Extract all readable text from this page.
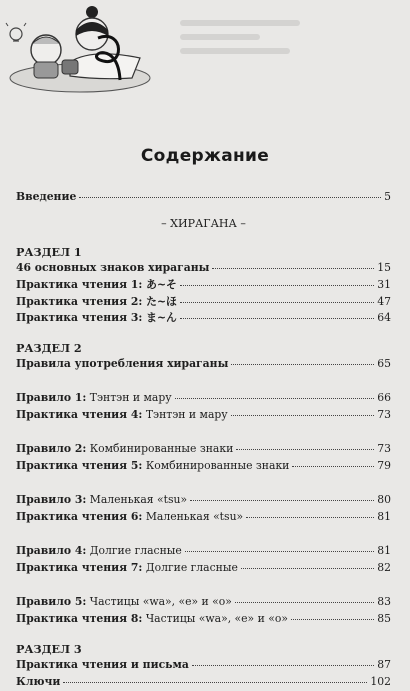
Содержание
Введение	5
– ХИРАГАНА –
РАЗДЕЛ 1
46 основных знаков хираганы	15
Практика чтения 1: あ~そ	31
Практика чтения 2: た~ほ	47
Практика чтения 3: ま~ん	64
РАЗДЕЛ 2
Правила употребления хираганы	65
Правило 1: Тэнтэн и мару	66
Практика чтения 4: Тэнтэн и мару	73
Правило 2: Комбинированные знаки	73
Практика чтения 5: Комбинированные знаки	79
Правило 3: Маленькая «tsu»	80
Практика чтения 6: Маленькая «tsu»	81
Правило 4: Долгие гласные	81
Практика чтения 7: Долгие гласные	82
Правило 5: Частицы «wa», «e» и «o»	83
Практика чтения 8: Частицы «wa», «e» и «o»	85
РАЗДЕЛ 3
Практика чтения и письма	87
Ключи	102
